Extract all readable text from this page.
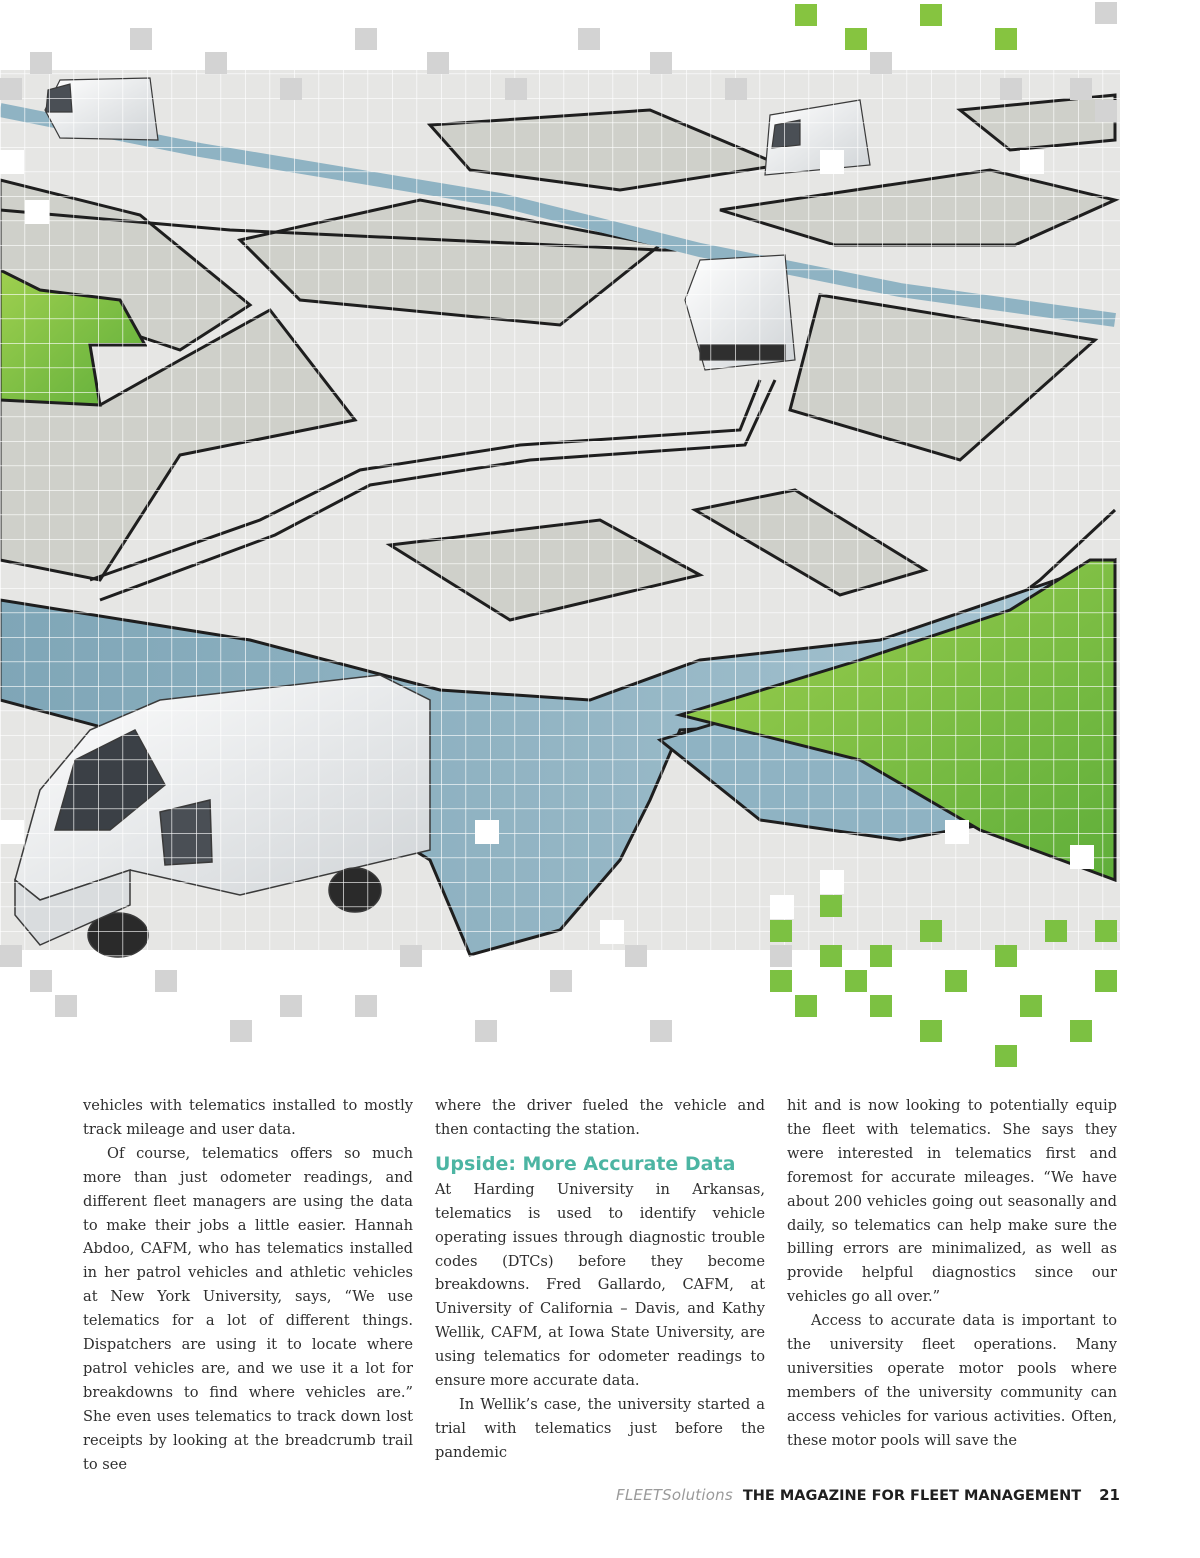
vehicles with telematics installed to mostly track mileage and user data.

Of course, telematics offers so much more than just odometer readings, and different fleet managers are using the data to make their jobs a little easier. Hannah Abdoo, CAFM, who has telematics installed in her patrol vehicles and athletic vehicles at New York University, says, “We use telematics for a lot of different things. Dispatchers are using it to locate where patrol vehicles are, and we use it a lot for breakdowns to find where vehicles are.” She even uses telematics to track down lost receipts by looking at the breadcrumb trail to see

where the driver fueled the vehicle and then contacting the station.

Upside: More Accurate Data

At Harding University in Arkansas, telematics is used to identify vehicle operating issues through diagnostic trouble codes (DTCs) before they become breakdowns. Fred Gallardo, CAFM, at University of California – Davis, and Kathy Wellik, CAFM, at Iowa State University, are using telematics for odometer readings to ensure more accurate data.

In Wellik’s case, the university started a trial with telematics just before the pandemic

hit and is now looking to potentially equip the fleet with telematics. She says they were interested in telematics first and foremost for accurate mileages. “We have about 200 vehicles going out seasonally and daily, so telematics can help make sure the billing errors are minimalized, as well as provide helpful diagnostics since our vehicles go all over.”

Access to accurate data is important to the university fleet operations. Many universities operate motor pools where members of the university community can access vehicles for various activities. Often, these motor pools will save the

FLEETSolutions THE MAGAZINE FOR FLEET MANAGEMENT 21
